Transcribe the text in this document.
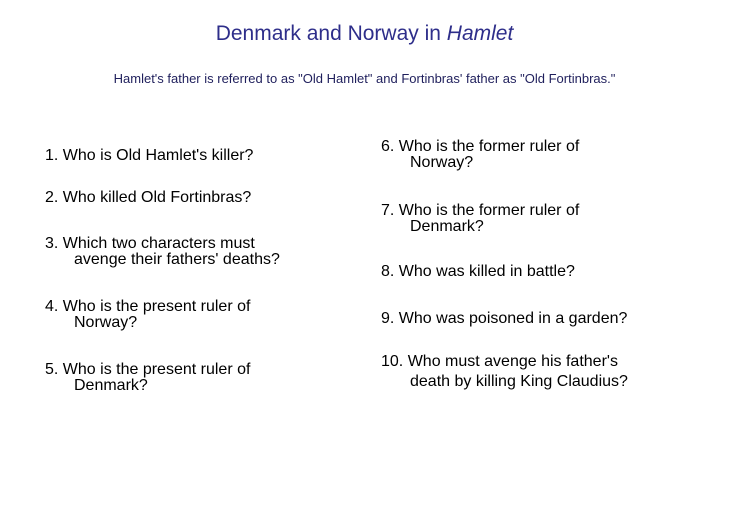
Denmark and Norway in Hamlet
Hamlet's father is referred to as "Old Hamlet" and Fortinbras' father as "Old Fortinbras."
1. Who is Old Hamlet's killer?
2. Who killed Old Fortinbras?
3. Which two characters must
avenge their fathers' deaths?
4. Who is the present ruler of
Norway?
5. Who is the present ruler of
Denmark?
6. Who is the former ruler of
Norway?
7. Who is the former ruler of
Denmark?
8. Who was killed in battle?
9. Who was poisoned in a garden?
10. Who must avenge his father's
death by killing King Claudius?
